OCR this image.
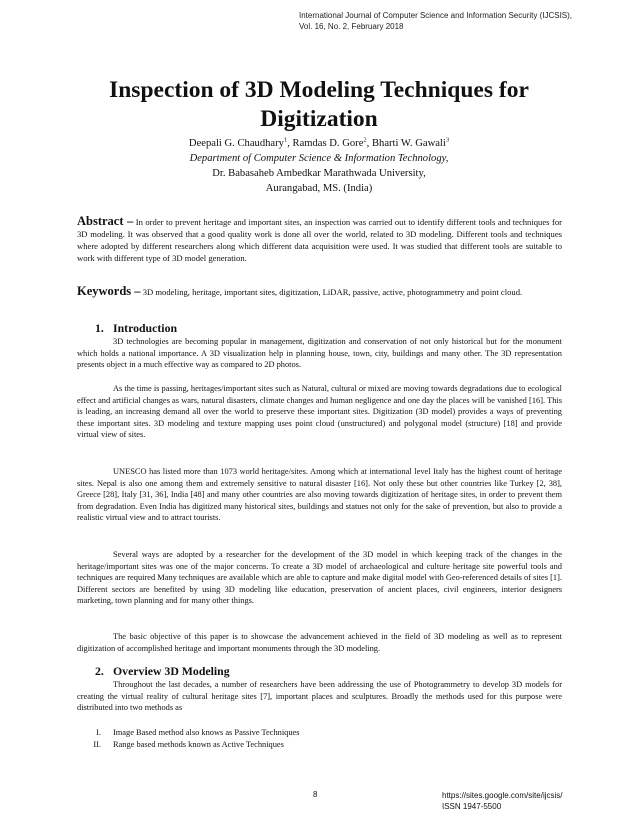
International Journal of Computer Science and Information Security (IJCSIS),
Vol. 16, No. 2, February 2018
Inspection of 3D Modeling Techniques for
Digitization
Deepali G. Chaudhary$^1$, Ramdas D. Gore$^2$, Bharti W. Gawali$^3$
Department of Computer Science & Information Technology,
Dr. Babasaheb Ambedkar Marathwada University,
Aurangabad, MS. (India)
Abstract – In order to prevent heritage and important sites, an inspection was carried out to identify different tools and techniques for 3D modeling. It was observed that a good quality work is done all over the world, related to 3D modeling. Different tools and techniques where adopted by different researchers along which different data acquisition were used. It was studied that different tools are suitable to work with different type of 3D model generation.
Keywords – 3D modeling, heritage, important sites, digitization, LiDAR, passive, active, photogrammetry and point cloud.
1. Introduction

3D technologies are becoming popular in management, digitization and conservation of not only historical but for the monument which holds a national importance. A 3D visualization help in planning house, town, city, buildings and many other. The 3D representation presents object in a much effective way as compared to 2D photos.

As the time is passing, heritages/important sites such as Natural, cultural or mixed are moving towards degradations due to ecological effect and artificial changes as wars, natural disasters, climate changes and human negligence and one day the places will be vanished [16]. This is leading, an increasing demand all over the world to preserve these important sites. Digitization (3D model) provides a ways of preventing these important sites. 3D modeling and texture mapping uses point cloud (unstructured) and polygonal model (structure) [18] and provide virtual view of sites.

UNESCO has listed more than 1073 world heritage/sites. Among which at international level Italy has the highest count of heritage sites. Nepal is also one among them and extremely sensitive to natural disaster [16]. Not only these but other countries like Turkey [2, 38], Greece [28], Italy [31, 36], India [48] and many other countries are also moving towards digitization of heritage sites, in order to prevent them from degradation. Even India has digitized many historical sites, buildings and statues not only for the sake of prevention, but also to provide a realistic virtual view and to attract tourists.

Several ways are adopted by a researcher for the development of the 3D model in which keeping track of the changes in the heritage/important sites was one of the major concerns. To create a 3D model of archaeological and culture heritage site powerful tools and techniques are required Many techniques are available which are able to capture and make digital model with Geo-referenced details of sites [1]. Different sectors are benefited by using 3D modeling like education, preservation of ancient places, civil engineers, interior designers marketing, town planning and for many other things.

The basic objective of this paper is to showcase the advancement achieved in the field of 3D modeling as well as to represent digitization of accomplished heritage and important monuments through the 3D modeling.

2. Overview 3D Modeling

Throughout the last decades, a number of researchers have been addressing the use of Photogrammetry to develop 3D models for creating the virtual reality of cultural heritage sites [7], important places and sculptures. Broadly the methods used for this purpose were distributed into two methods as

I. Image Based method also knows as Passive Techniques
II. Range based methods known as Active Techniques
8	https://sites.google.com/site/ijcsis/
ISSN 1947-5500
